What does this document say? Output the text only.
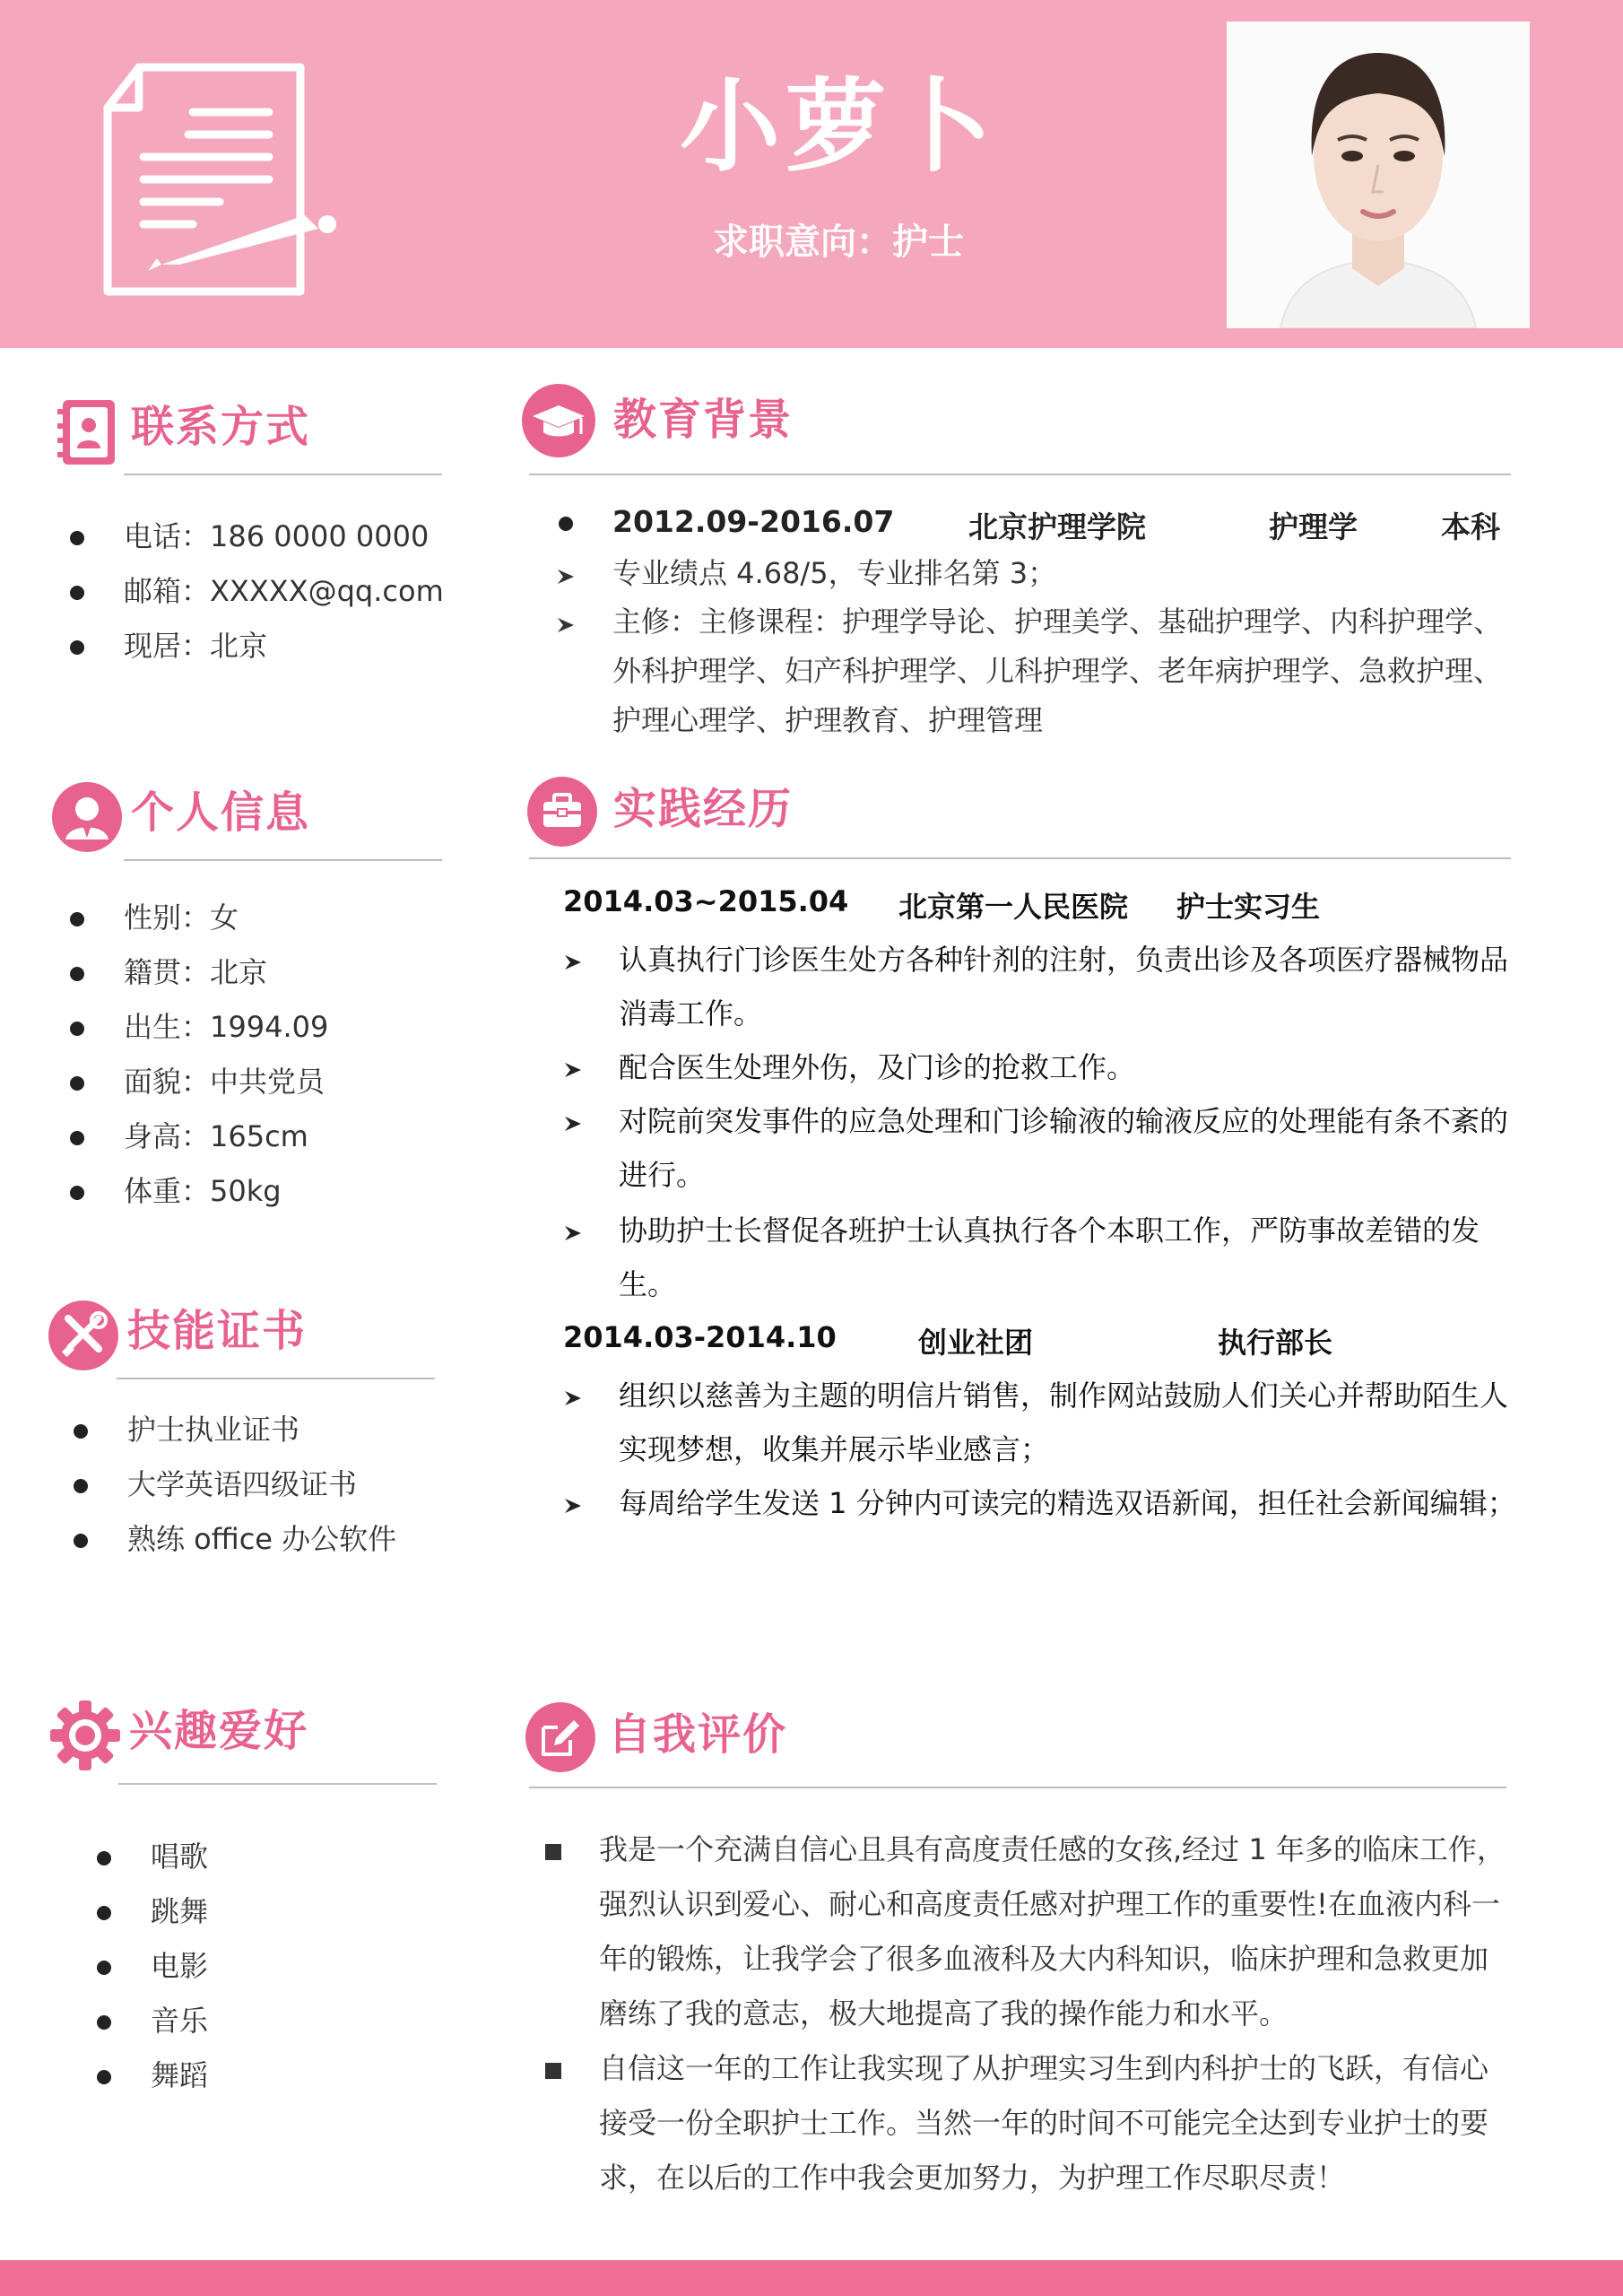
小萝卜
求职意向：护士
联系方式
电话：186 0000 0000
邮箱：XXXXX@qq.com
现居：北京
个人信息
性别：女
籍贯：北京
出生：1994.09
面貌：中共党员
身高：165cm
体重：50kg
技能证书
护士执业证书
大学英语四级证书
熟练 office 办公软件
兴趣爱好
唱歌
跳舞
电影
音乐
舞蹈
教育背景
2012.09-2016.07	北京护理学院	护理学	本科
专业绩点 4.68/5，专业排名第 3；
主修：主修课程：护理学导论、护理美学、基础护理学、内科护理学、
外科护理学、妇产科护理学、儿科护理学、老年病护理学、急救护理、
护理心理学、护理教育、护理管理
实践经历
2014.03~2015.04 北京第一人民医院 护士实习生
认真执行门诊医生处方各种针剂的注射，负责出诊及各项医疗器械物品
消毒工作。
配合医生处理外伤，及门诊的抢救工作。
对院前突发事件的应急处理和门诊输液的输液反应的处理能有条不紊的
进行。
协助护士长督促各班护士认真执行各个本职工作，严防事故差错的发
生。
2014.03-2014.10	创业社团	执行部长
组织以慈善为主题的明信片销售，制作网站鼓励人们关心并帮助陌生人
实现梦想，收集并展示毕业感言；
每周给学生发送 1 分钟内可读完的精选双语新闻，担任社会新闻编辑；
自我评价
我是一个充满自信心且具有高度责任感的女孩,经过 1 年多的临床工作，
强烈认识到爱心、耐心和高度责任感对护理工作的重要性!在血液内科一
年的锻炼，让我学会了很多血液科及大内科知识，临床护理和急救更加
磨练了我的意志，极大地提高了我的操作能力和水平。
自信这一年的工作让我实现了从护理实习生到内科护士的飞跃，有信心
接受一份全职护士工作。当然一年的时间不可能完全达到专业护士的要
求，在以后的工作中我会更加努力，为护理工作尽职尽责！
